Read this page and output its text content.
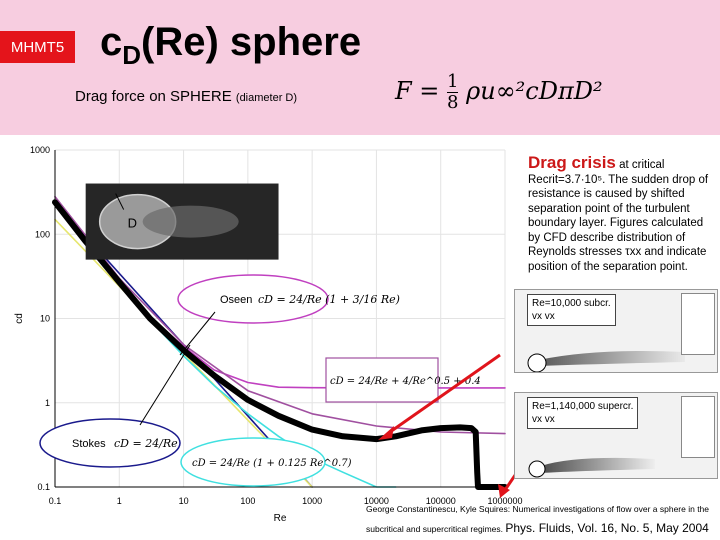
MHMT5 $c_D(Re)$ sphere
Drag force on SPHERE (diameter D)	$F = \frac{1}{8} \rho u\infty^2cD\pi D^2$
0.1	1	10	100	1000	10000	100000	1000000
0.1
1
10
100
1000
Re
cd
D
Oseen cD = 24/Re (1 + 3/16 Re)
Stokes cD = 24/Re
cD = 24/Re + 4/Re^0.5 + 0.4
cD = 24/Re (1 + 0.125 Re^0.7)
Drag crisis at critical
Recrit=3.7·10⁵. The sudden drop of resistance is caused by shifted separation point of the turbulent boundary layer. Figures calculated by CFD describe distribution of Reynolds stresses τxx and indicate position of the separation point.
Re=10,000 subcr.
vx vx
Re=1,140,000 supercr.
vx vx
George Constantinescu, Kyle Squires: Numerical investigations of flow over a sphere in the subcritical and supercritical regimes. Phys. Fluids, Vol. 16, No. 5, May 2004
